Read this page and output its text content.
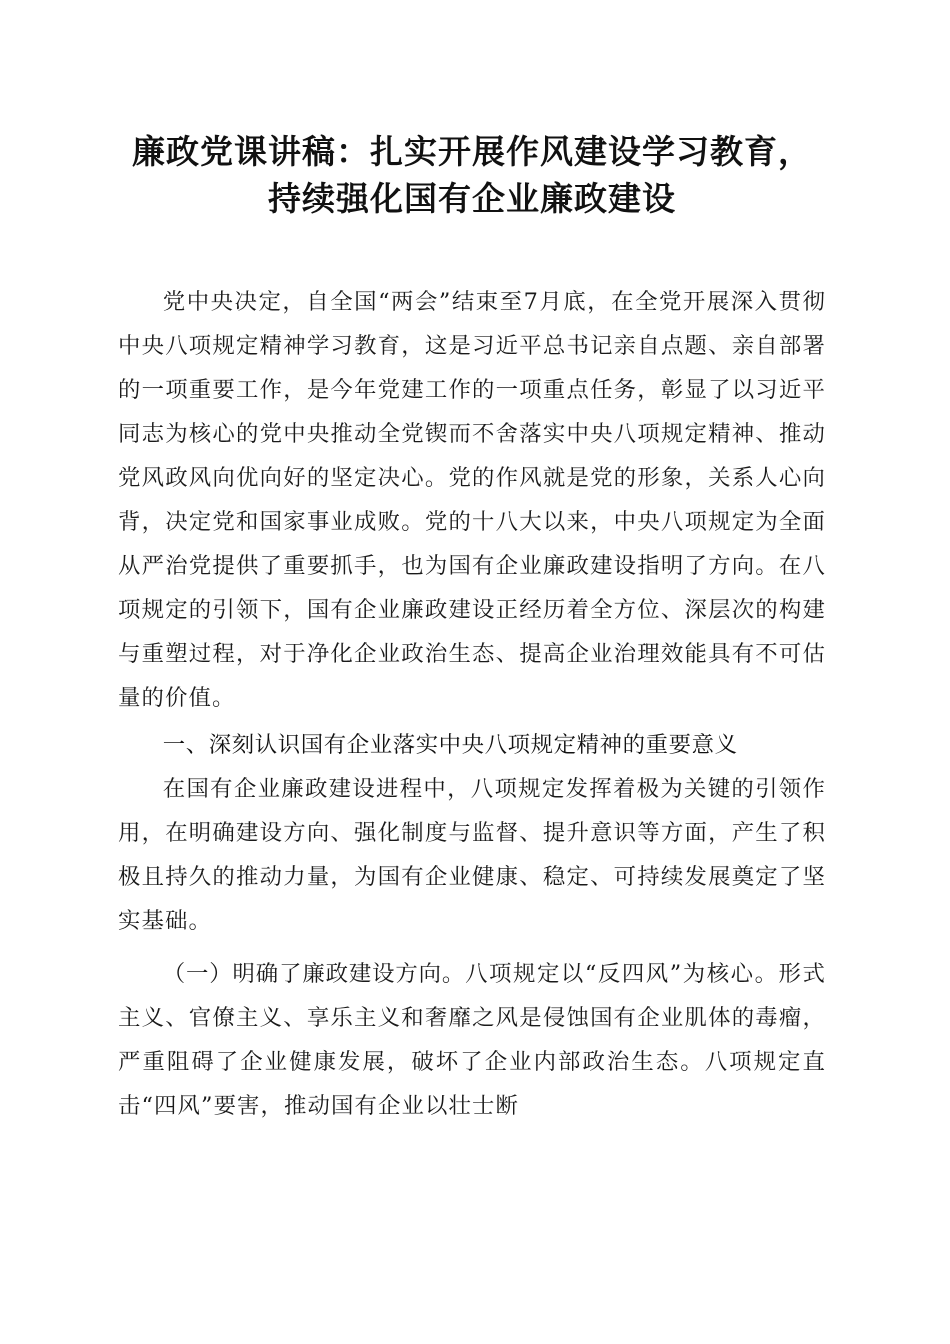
廉政党课讲稿：扎实开展作风建设学习教育，
持续强化国有企业廉政建设

党中央决定，自全国“两会”结束至7月底，在全党开展深入贯彻中央八项规定精神学习教育，这是习近平总书记亲自点题、亲自部署的一项重要工作，是今年党建工作的一项重点任务，彰显了以习近平同志为核心的党中央推动全党锲而不舍落实中央八项规定精神、推动党风政风向优向好的坚定决心。党的作风就是党的形象，关系人心向背，决定党和国家事业成败。党的十八大以来，中央八项规定为全面从严治党提供了重要抓手，也为国有企业廉政建设指明了方向。在八项规定的引领下，国有企业廉政建设正经历着全方位、深层次的构建与重塑过程，对于净化企业政治生态、提高企业治理效能具有不可估量的价值。

一、深刻认识国有企业落实中央八项规定精神的重要意义

在国有企业廉政建设进程中，八项规定发挥着极为关键的引领作用，在明确建设方向、强化制度与监督、提升意识等方面，产生了积极且持久的推动力量，为国有企业健康、稳定、可持续发展奠定了坚实基础。

（一）明确了廉政建设方向。八项规定以“反四风”为核心。形式主义、官僚主义、享乐主义和奢靡之风是侵蚀国有企业肌体的毒瘤，严重阻碍了企业健康发展，破坏了企业内部政治生态。八项规定直击“四风”要害，推动国有企业以壮士断
